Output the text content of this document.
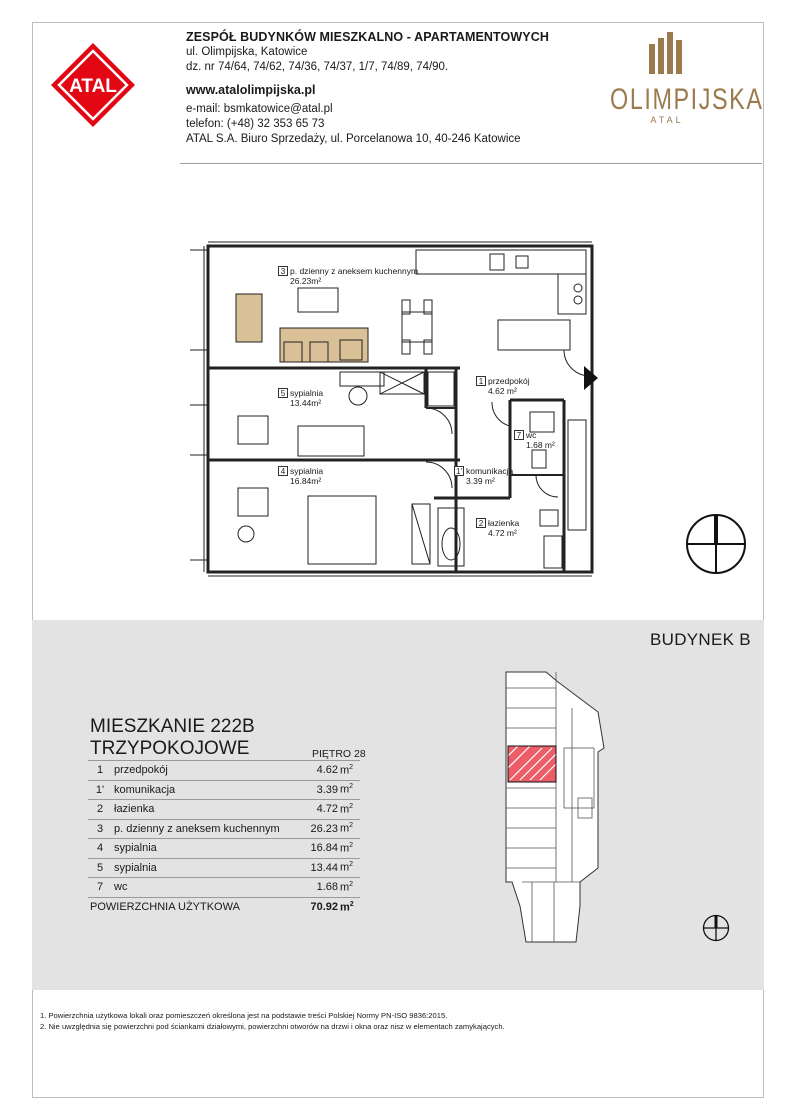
ATAL
ZESPÓŁ BUDYNKÓW MIESZKALNO - APARTAMENTOWYCH
ul. Olimpijska, Katowice
dz. nr 74/64, 74/62, 74/36, 74/37, 1/7, 74/89, 74/90.
www.atalolimpijska.pl
e-mail: bsmkatowice@atal.pl
telefon: (+48) 32 353 65 73
ATAL S.A. Biuro Sprzedaży, ul. Porcelanowa 10, 40-246 Katowice
OLIMPIJSKA
ATAL
3 p. dzienny z aneksem kuchennym
26.23m²
5 sypialnia
13.44m²
4 sypialnia
16.84m²
1 przedpokój
4.62 m²
7 wc
1.68 m²
1' komunikacja
3.39 m²
2 łazienka
4.72 m²
BUDYNEK B
MIESZKANIE 222B
TRZYPOKOJOWE	PIĘTRO 28
1	przedpokój	4.62	$m^2$
1'	komunikacja	3.39	$m^2$
2	łazienka	4.72	$m^2$
3	p. dzienny z aneksem kuchennym	26.23	$m^2$
4	sypialnia	16.84	$m^2$
5	sypialnia	13.44	$m^2$
7	wc	1.68	$m^2$
POWIERZCHNIA UŻYTKOWA		70.92	$m^2$
1. Powierzchnia użytkowa lokali oraz pomieszczeń określona jest na podstawie treści Polskiej Normy PN-ISO 9836:2015.
2. Nie uwzględnia się powierzchni pod ściankami działowymi, powierzchni otworów na drzwi i okna oraz nisz w elementach zamykających.
